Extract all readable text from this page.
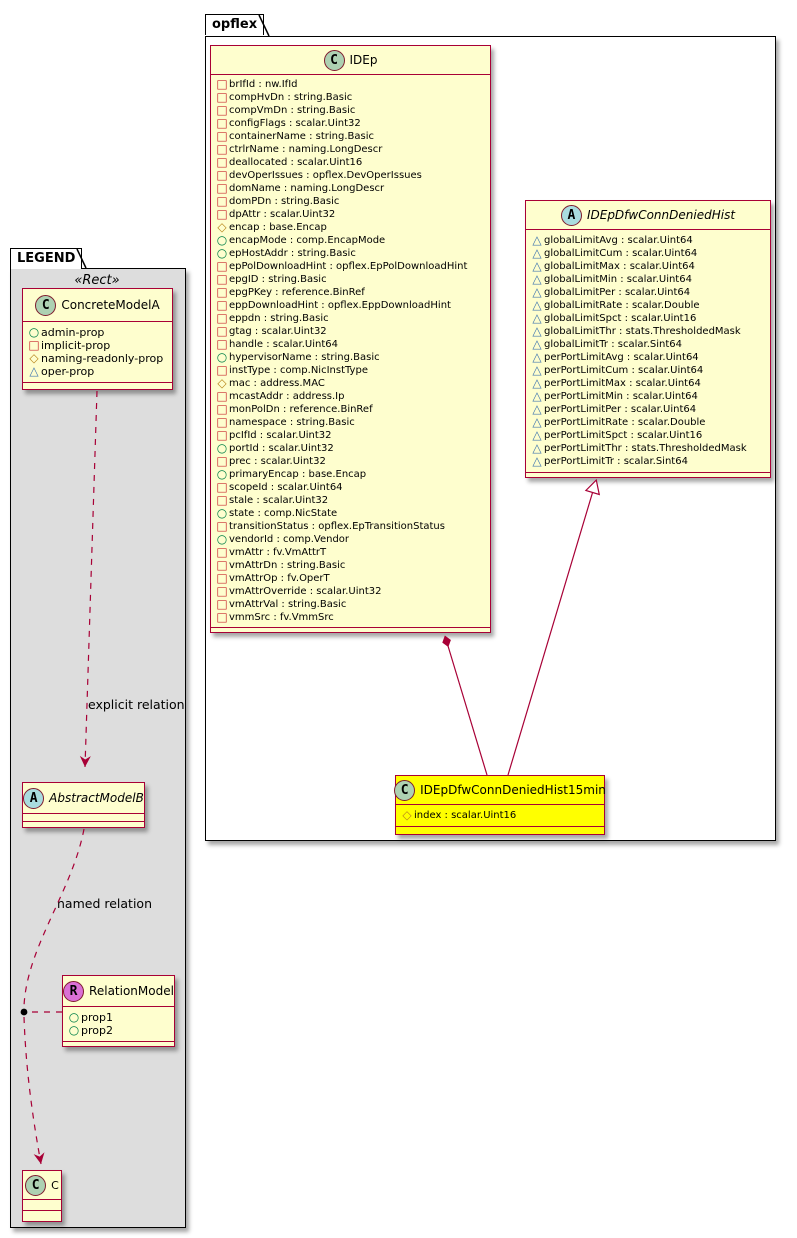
opflex
LEGEND
«Rect»
explicit relation
named relation
C IDEp
□ brIfId : nw.IfId
□ compHvDn : string.Basic
□ compVmDn : string.Basic
□ configFlags : scalar.Uint32
□ containerName : string.Basic
□ ctrlrName : naming.LongDescr
□ deallocated : scalar.Uint16
□ devOperIssues : opflex.DevOperIssues
□ domName : naming.LongDescr
□ domPDn : string.Basic
□ dpAttr : scalar.Uint32
◇ encap : base.Encap
○ encapMode : comp.EncapMode
○ epHostAddr : string.Basic
□ epPolDownloadHint : opflex.EpPolDownloadHint
□ epgID : string.Basic
□ epgPKey : reference.BinRef
□ eppDownloadHint : opflex.EppDownloadHint
□ eppdn : string.Basic
□ gtag : scalar.Uint32
□ handle : scalar.Uint64
○ hypervisorName : string.Basic
□ instType : comp.NicInstType
◇ mac : address.MAC
□ mcastAddr : address.Ip
□ monPolDn : reference.BinRef
□ namespace : string.Basic
□ pcIfId : scalar.Uint32
○ portId : scalar.Uint32
□ prec : scalar.Uint32
○ primaryEncap : base.Encap
□ scopeId : scalar.Uint64
□ stale : scalar.Uint32
○ state : comp.NicState
□ transitionStatus : opflex.EpTransitionStatus
○ vendorId : comp.Vendor
□ vmAttr : fv.VmAttrT
□ vmAttrDn : string.Basic
□ vmAttrOp : fv.OperT
□ vmAttrOverride : scalar.Uint32
□ vmAttrVal : string.Basic
□ vmmSrc : fv.VmmSrc
A IDEpDfwConnDeniedHist
△ globalLimitAvg : scalar.Uint64
△ globalLimitCum : scalar.Uint64
△ globalLimitMax : scalar.Uint64
△ globalLimitMin : scalar.Uint64
△ globalLimitPer : scalar.Uint64
△ globalLimitRate : scalar.Double
△ globalLimitSpct : scalar.Uint16
△ globalLimitThr : stats.ThresholdedMask
△ globalLimitTr : scalar.Sint64
△ perPortLimitAvg : scalar.Uint64
△ perPortLimitCum : scalar.Uint64
△ perPortLimitMax : scalar.Uint64
△ perPortLimitMin : scalar.Uint64
△ perPortLimitPer : scalar.Uint64
△ perPortLimitRate : scalar.Double
△ perPortLimitSpct : scalar.Uint16
△ perPortLimitThr : stats.ThresholdedMask
△ perPortLimitTr : scalar.Sint64
C IDEpDfwConnDeniedHist15min
◇ index : scalar.Uint16
C ConcreteModelA
○ admin-prop
□ implicit-prop
◇ naming-readonly-prop
△ oper-prop
A AbstractModelB
R RelationModel
○ prop1
○ prop2
C	C
